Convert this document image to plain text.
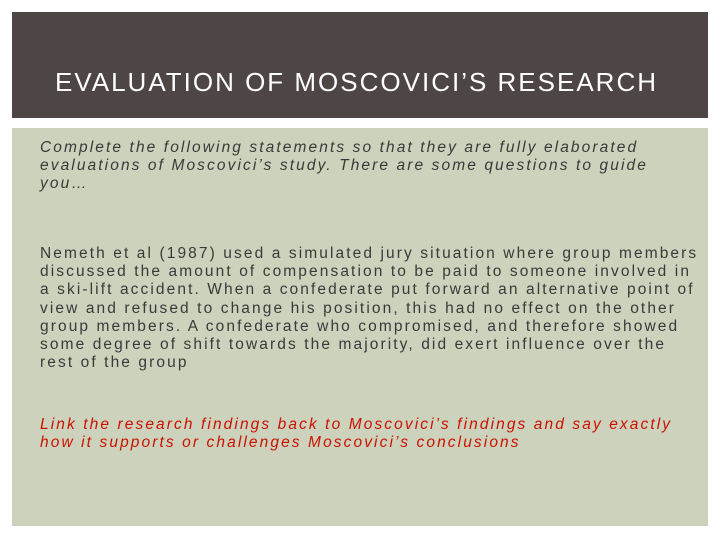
EVALUATION OF MOSCOVICI’S RESEARCH

Complete the following statements so that they are fully elaborated evaluations of Moscovici’s study. There are some questions to guide you…

Nemeth et al (1987) used a simulated jury situation where group members discussed the amount of compensation to be paid to someone involved in a ski-lift accident. When a confederate put forward an alternative point of view and refused to change his position, this had no effect on the other group members. A confederate who compromised, and therefore showed some degree of shift towards the majority, did exert influence over the rest of the group

Link the research findings back to Moscovici’s findings and say exactly how it supports or challenges Moscovici’s conclusions
